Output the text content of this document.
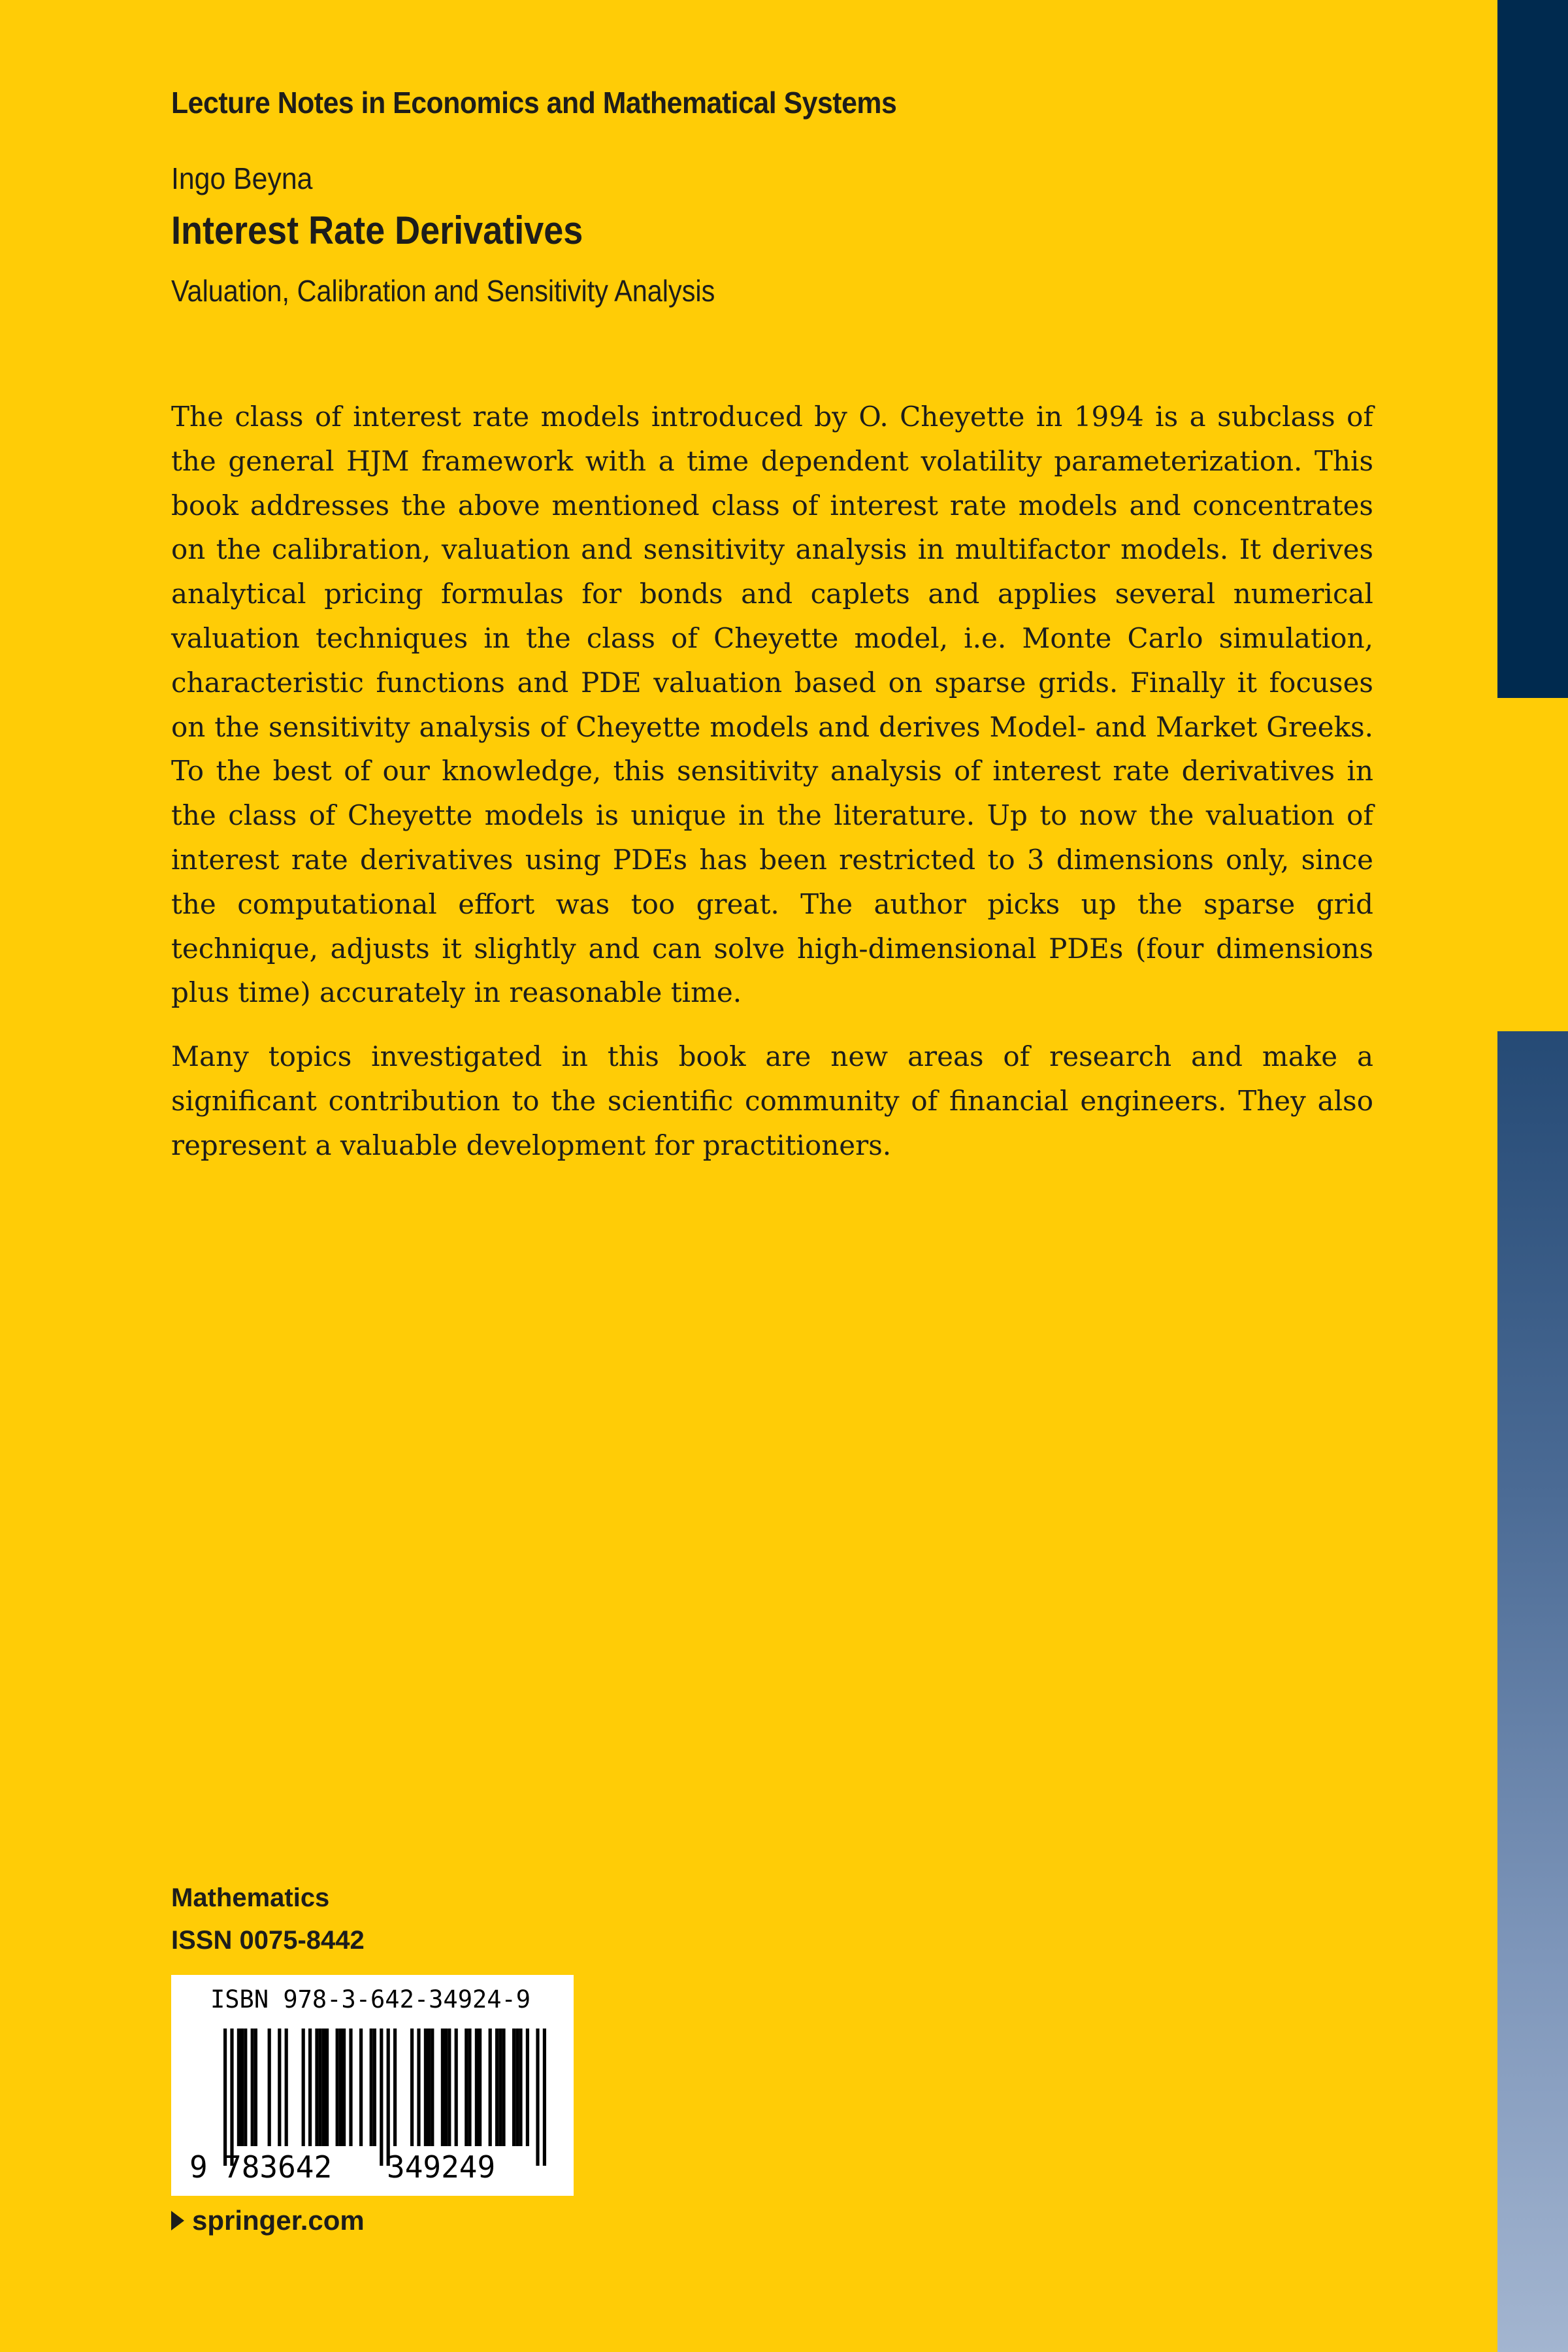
Lecture Notes in Economics and Mathematical Systems
Ingo Beyna
Interest Rate Derivatives
Valuation, Calibration and Sensitivity Analysis

The class of interest rate models introduced by O. Cheyette in 1994 is a subclass of the general HJM framework with a time dependent volatility parameterization. This book addresses the above mentioned class of interest rate models and concentrates on the calibration, valuation and sensitivity analysis in multifactor models. It derives analytical pricing formulas for bonds and caplets and applies several numerical valuation techniques in the class of Cheyette model, i.e. Monte Carlo simulation, characteristic functions and PDE valuation based on sparse grids. Finally it focuses on the sensitivity analysis of Cheyette models and derives Model- and Market Greeks. To the best of our knowledge, this sensitivity analysis of interest rate derivatives in the class of Cheyette models is unique in the literature. Up to now the valuation of interest rate derivatives using PDEs has been restricted to 3 dimensions only, since the computational effort was too great. The author picks up the sparse grid technique, adjusts it slightly and can solve high-dimensional PDEs (four dimensions plus time) accurately in reasonable time.

Many topics investigated in this book are new areas of research and make a significant contribution to the scientific community of financial engineers. They also represent a valuable development for practitioners.

Mathematics
ISSN 0075-8442
ISBN 978-3-642-34924-9
9 783642 349249
springer.com
